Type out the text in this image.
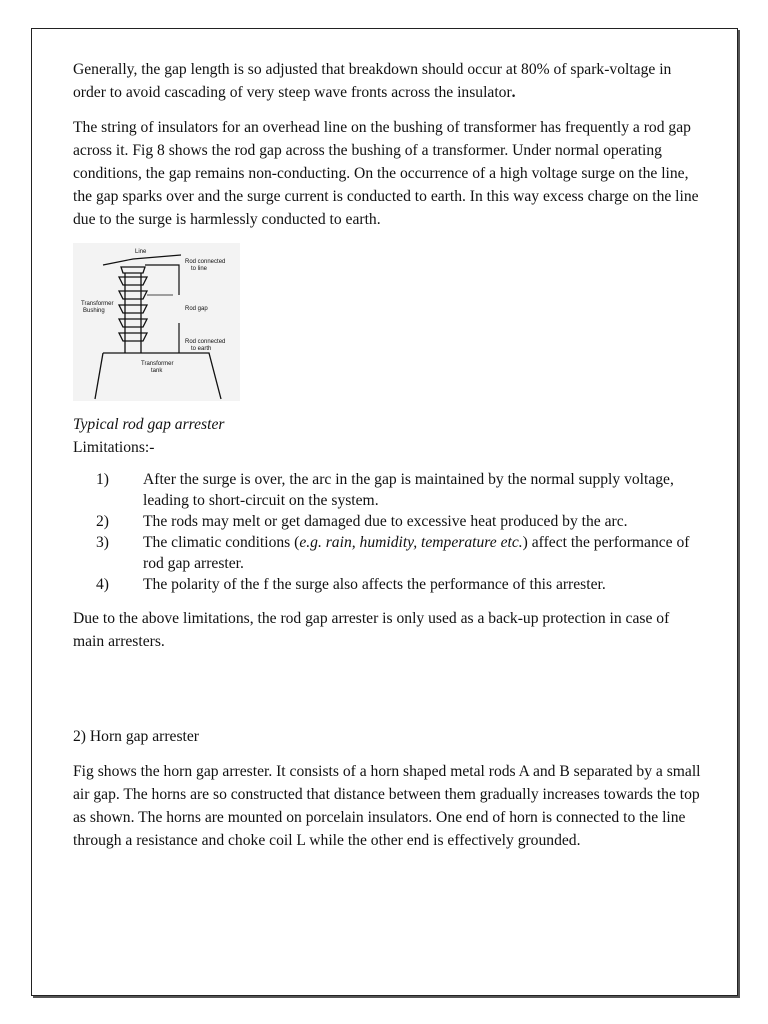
Generally, the gap length is so adjusted that breakdown should occur at 80% of spark-voltage in order to avoid cascading of very steep wave fronts across the insulator.

The string of insulators for an overhead line on the bushing of transformer has frequently a rod gap across it. Fig 8 shows the rod gap across the bushing of a transformer. Under normal operating conditions, the gap remains non-conducting. On the occurrence of a high voltage surge on the line, the gap sparks over and the surge current is conducted to earth. In this way excess charge on the line due to the surge is harmlessly conducted to earth.

Line
Rod connected
to line
Transformer
Bushing	Rod gap
Rod connected
to earth
Transformer
tank

Typical rod gap arrester

Limitations:-

1) After the surge is over, the arc in the gap is maintained by the normal supply voltage, leading to short-circuit on the system.
2) The rods may melt or get damaged due to excessive heat produced by the arc.
3) The climatic conditions (e.g. rain, humidity, temperature etc.) affect the performance of rod gap arrester.
4) The polarity of the f the surge also affects the performance of this arrester.

Due to the above limitations, the rod gap arrester is only used as a back-up protection in case of main arresters.

2) Horn gap arrester

Fig shows the horn gap arrester. It consists of a horn shaped metal rods A and B separated by a small air gap. The horns are so constructed that distance between them gradually increases towards the top as shown. The horns are mounted on porcelain insulators. One end of horn is connected to the line through a resistance and choke coil L while the other end is effectively grounded.
